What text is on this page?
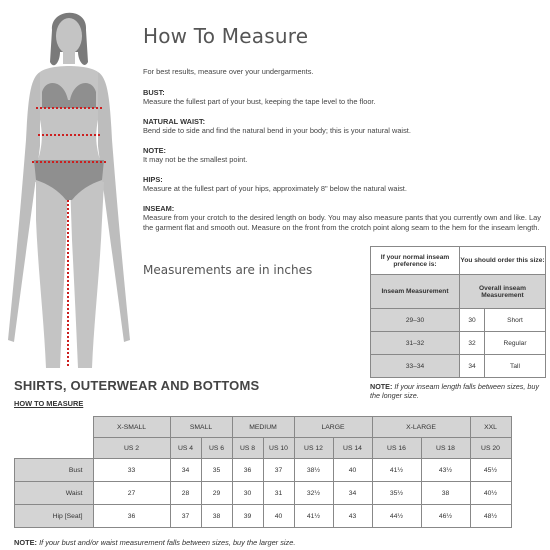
How To Measure
For best results, measure over your undergarments.
BUST:
Measure the fullest part of your bust, keeping the tape level to the floor.
NATURAL WAIST:
Bend side to side and find the natural bend in your body; this is your natural waist.
NOTE:
It may not be the smallest point.
HIPS:
Measure at the fullest part of your hips, approximately 8" below the natural waist.
INSEAM:
Measure from your crotch to the desired length on body. You may also measure pants that you currently own and like. Lay the garment flat and smooth out. Measure on the front from the crotch point along seam to the hem for the inseam length.
Measurements are in inches
If your normal inseam preference is:	You should order this size:	
Inseam Measurement	Overall inseam Measurement	
29–30	30	Short
31–32	32	Regular
33–34	34	Tall
NOTE: If your inseam length falls between sizes, buy the longer size.
SHIRTS, OUTERWEAR AND BOTTOMS
HOW TO MEASURE
	X-SMALL	SMALL		MEDIUM		LARGE		X-LARGE		XXL
	US 2	US 4	US 6	US 8	US 10	US 12	US 14	US 16	US 18	US 20
Bust	33	34	35	36	37	38½	40	41½	43½	45½
Waist	27	28	29	30	31	32½	34	35½	38	40½
Hip [Seat]	36	37	38	39	40	41½	43	44½	46½	48½
NOTE: If your bust and/or waist measurement falls between sizes, buy the larger size.
